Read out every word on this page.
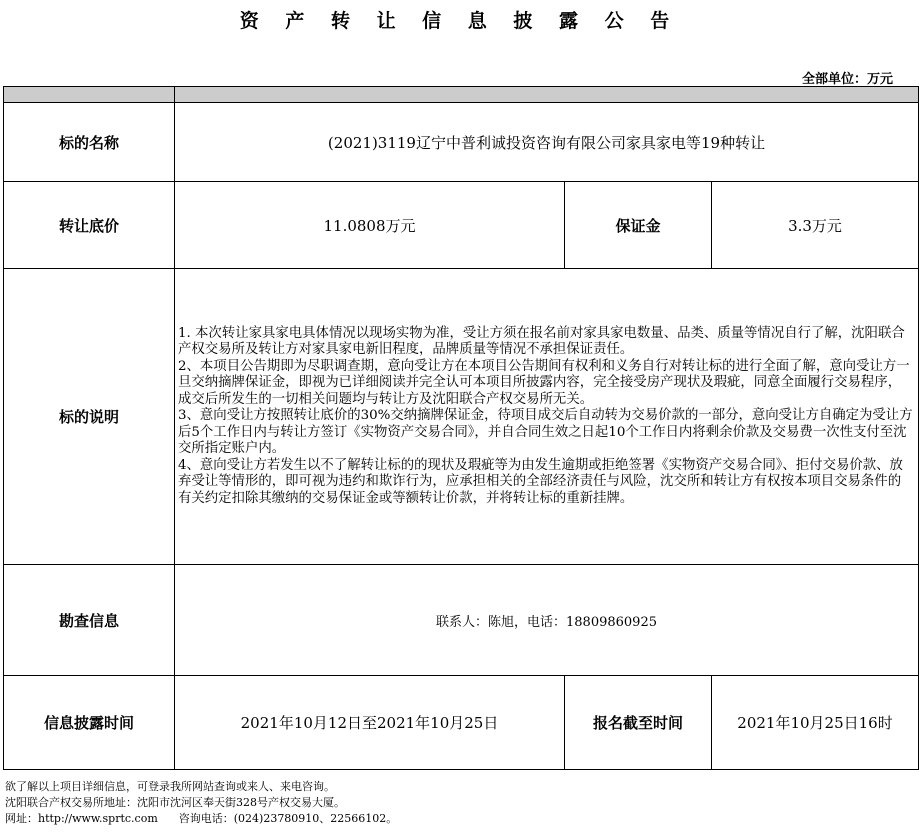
资 产 转 让 信 息 披 露 公 告
全部单位：万元

标的名称	(2021)3119辽宁中普利诚投资咨询有限公司家具家电等19种转让		
转让底价	11.0808万元	保证金	3.3万元
标的说明	1. 本次转让家具家电具体情况以现场实物为准，受让方须在报名前对家具家电数量、品类、质量等情况自行了解，沈阳联合产权交易所及转让方对家具家电新旧程度，品牌质量等情况不承担保证责任。

2、本项目公告期即为尽职调查期，意向受让方在本项目公告期间有权利和义务自行对转让标的进行全面了解，意向受让方一旦交纳摘牌保证金，即视为已详细阅读并完全认可本项目所披露内容，完全接受房产现状及瑕疵，同意全面履行交易程序，成交后所发生的一切相关问题均与转让方及沈阳联合产权交易所无关。

3、意向受让方按照转让底价的30%交纳摘牌保证金，待项目成交后自动转为交易价款的一部分，意向受让方自确定为受让方后5个工作日内与转让方签订《实物资产交易合同》，并自合同生效之日起10个工作日内将剩余价款及交易费一次性支付至沈交所指定账户内。

4、意向受让方若发生以不了解转让标的的现状及瑕疵等为由发生逾期或拒绝签署《实物资产交易合同》、拒付交易价款、放弃受让等情形的，即可视为违约和欺诈行为，应承担相关的全部经济责任与风险，沈交所和转让方有权按本项目交易条件的有关约定扣除其缴纳的交易保证金或等额转让价款，并将转让标的重新挂牌。		

勘查信息	联系人：陈旭，电话：18809860925		
信息披露时间	2021年10月12日至2021年10月25日	报名截至时间	2021年10月25日16时
欲了解以上项目详细信息，可登录我所网站查询或来人、来电咨询。
沈阳联合产权交易所地址：沈阳市沈河区奉天街328号产权交易大厦。
网址：http://www.sprtc.com      咨询电话：(024)23780910、22566102。
